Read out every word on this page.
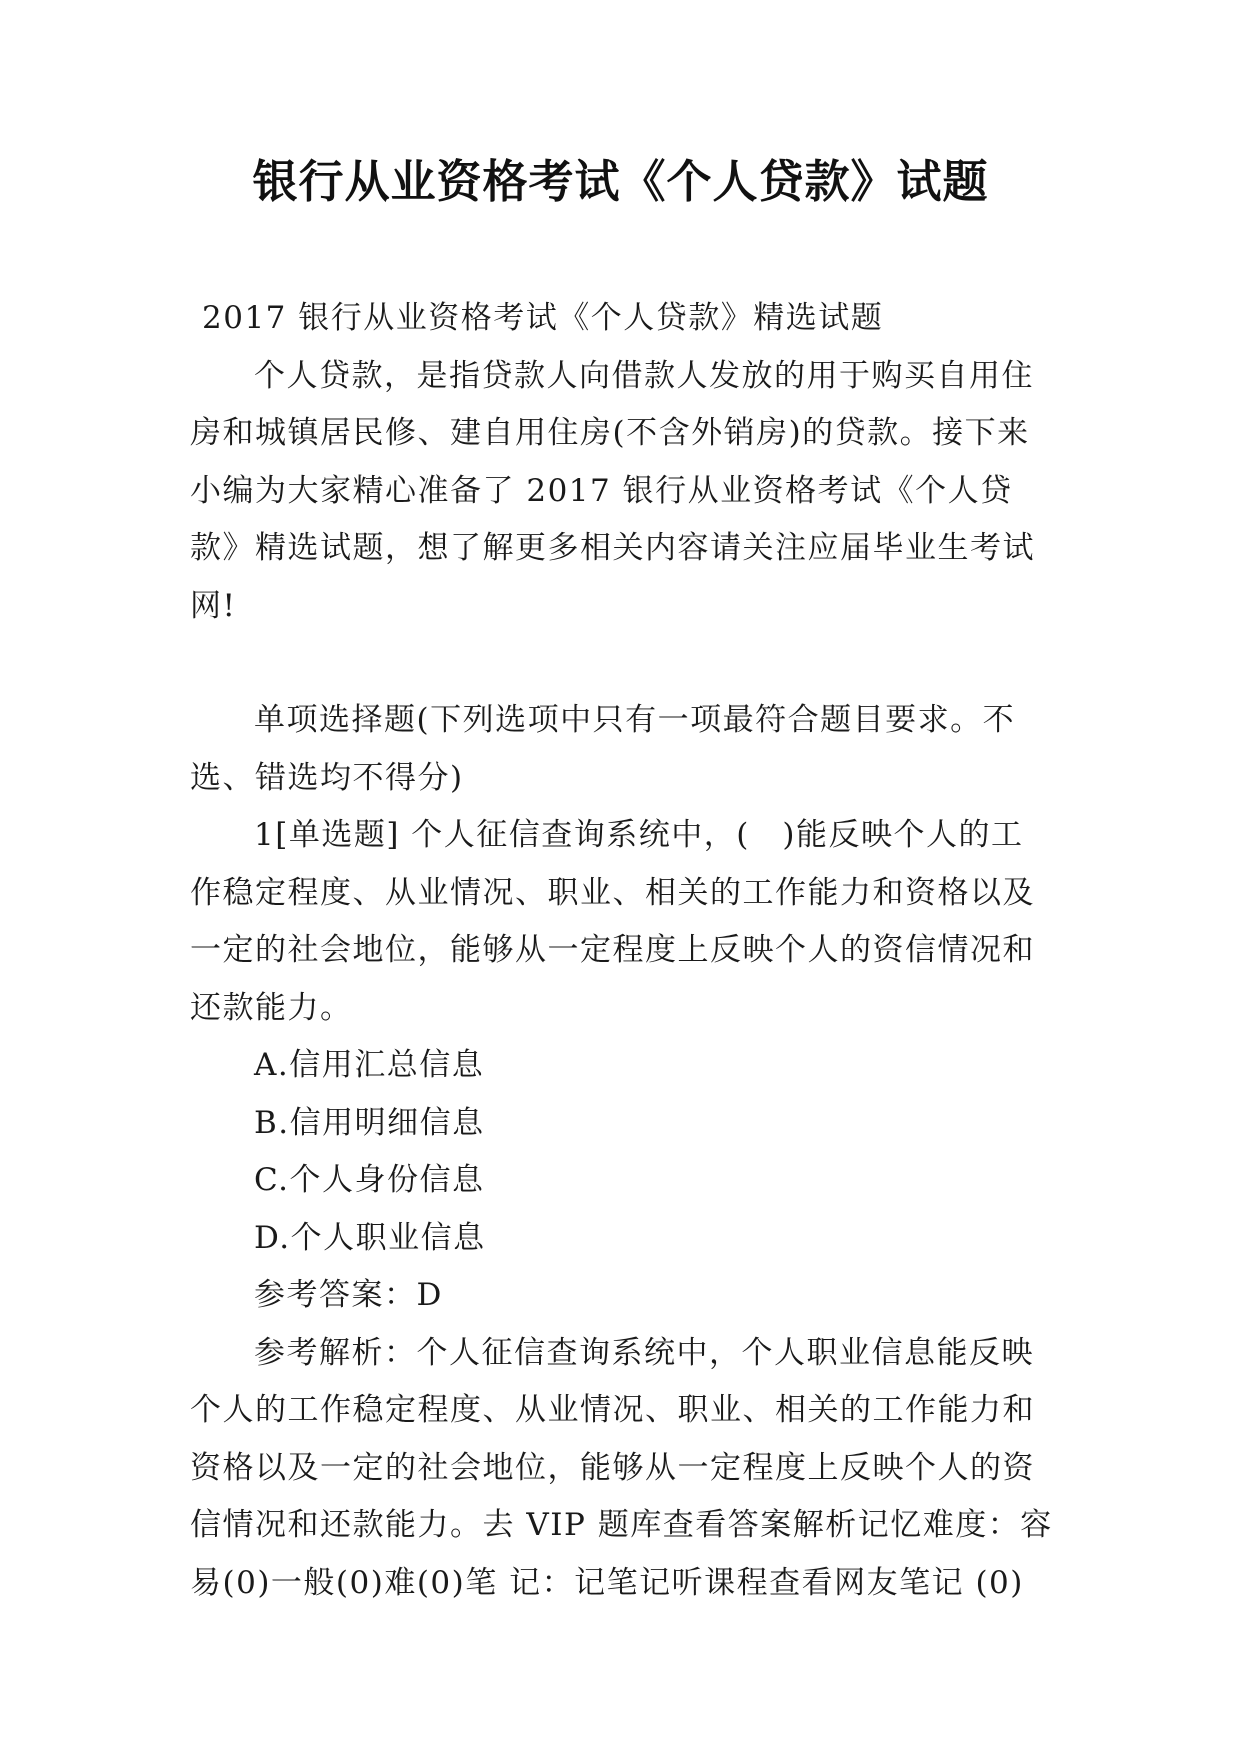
银行从业资格考试《个人贷款》试题

2017 银行从业资格考试《个人贷款》精选试题

个人贷款，是指贷款人向借款人发放的用于购买自用住房和城镇居民修、建自用住房(不含外销房)的贷款。接下来小编为大家精心准备了 2017 银行从业资格考试《个人贷款》精选试题，想了解更多相关内容请关注应届毕业生考试网!

单项选择题(下列选项中只有一项最符合题目要求。不选、错选均不得分)

1[单选题] 个人征信查询系统中，(　)能反映个人的工作稳定程度、从业情况、职业、相关的工作能力和资格以及一定的社会地位，能够从一定程度上反映个人的资信情况和还款能力。

A.信用汇总信息

B.信用明细信息

C.个人身份信息

D.个人职业信息

参考答案：D

参考解析：个人征信查询系统中，个人职业信息能反映个人的工作稳定程度、从业情况、职业、相关的工作能力和资格以及一定的社会地位，能够从一定程度上反映个人的资信情况和还款能力。去 VIP 题库查看答案解析记忆难度：容易(0)一般(0)难(0)笔 记：记笔记听课程查看网友笔记 (0)
